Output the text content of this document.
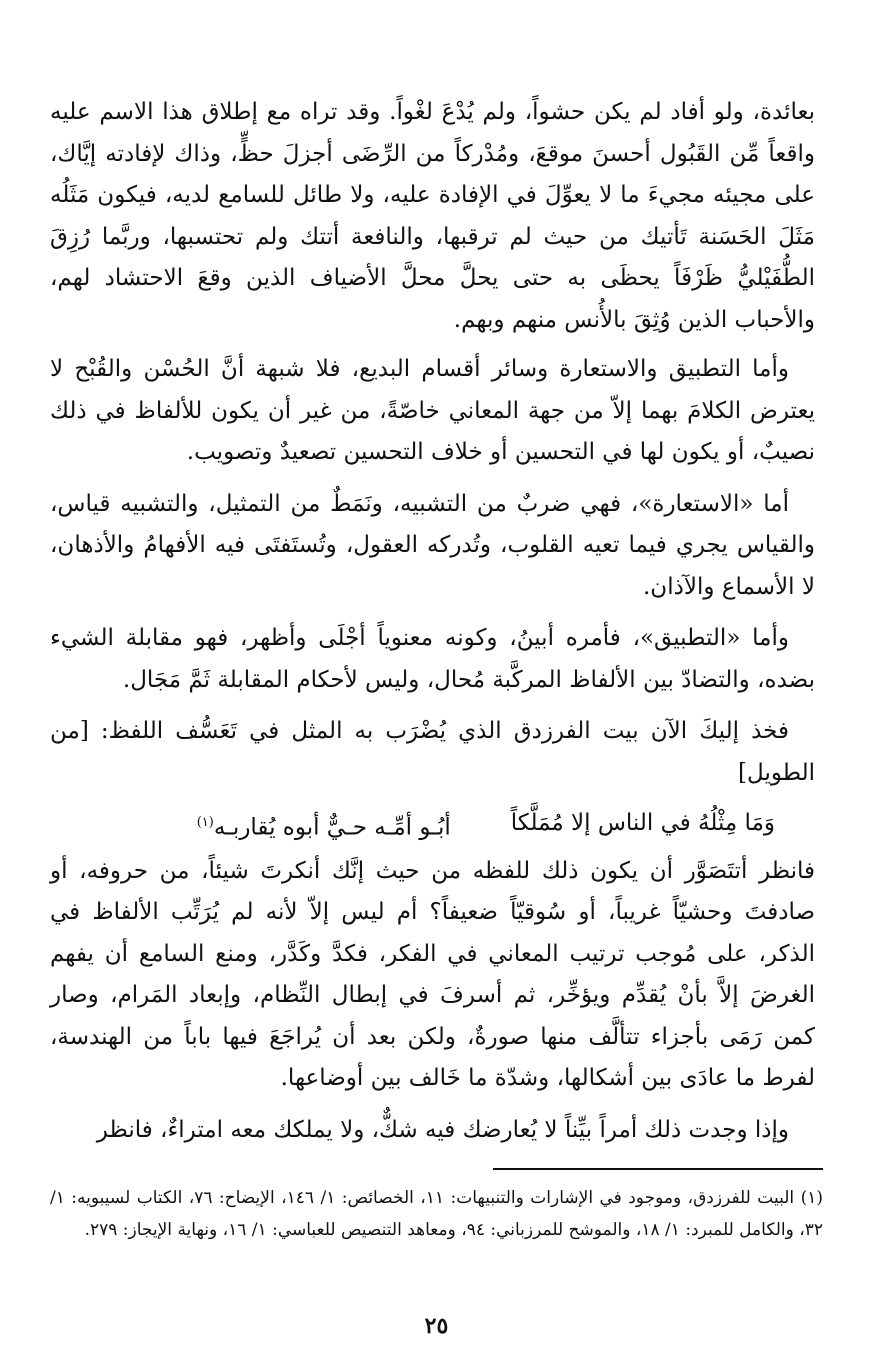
بعائدة، ولو أفاد لم يكن حشواً، ولم يُدْعَ لغْواً. وقد تراه مع إطلاق هذا الاسم عليه واقعاً مِّن القَبُول أحسنَ موقعَ، ومُدْركاً من الرِّضَى أجزلَ حظٍّ، وذاك لإفادته إيَّاك، على مجيئه مجيءَ ما لا يعوِّلَ في الإفادة عليه، ولا طائل للسامع لديه، فيكون مَثَلُه مَثَلَ الحَسَنة تَأتيك من حيث لم ترقبها، والنافعة أتتك ولم تحتسبها، وربَّما رُزِقَ الطُّفَيْليُّ ظَرْفَاً يحظَى به حتى يحلَّ محلَّ الأضياف الذين وقعَ الاحتشاد لهم، والأحباب الذين وُثِقَ بالأُنس منهم وبهم.

وأما التطبيق والاستعارة وسائر أقسام البديع، فلا شبهة أنَّ الحُسْن والقُبْح لا يعترض الكلامَ بهما إلاّ من جهة المعاني خاصّةً، من غير أن يكون للألفاظ في ذلك نصيبٌ، أو يكون لها في التحسين أو خلاف التحسين تصعيدٌ وتصويب.

أما «الاستعارة»، فهي ضربٌ من التشبيه، ونَمَطٌ من التمثيل، والتشبيه قياس، والقياس يجري فيما تعيه القلوب، وتُدركه العقول، وتُستَفتَى فيه الأفهامُ والأذهان، لا الأسماع والآذان.

وأما «التطبيق»، فأمره أبينُ، وكونه معنوياً أجْلَى وأظهر، فهو مقابلة الشيء بضده، والتضادّ بين الألفاظ المركَّبة مُحال، وليس لأحكام المقابلة ثَمَّ مَجَال.

فخذ إليكَ الآن بيت الفرزدق الذي يُضْرَب به المثل في تَعَسُّف اللفظ: [من الطويل]

وَمَا مِثْلُهُ في الناس إلا مُمَلَّكاً
أبُـو أمِّـه حـيٌّ أبوه يُقاربـه$^{(١)}$

فانظر أتتَصَوَّر أن يكون ذلك للفظه من حيث إنَّك أنكرتَ شيئاً، من حروفه، أو صادفتَ وحشيّاً غريباً، أو سُوقيّاً ضعيفاً؟ أم ليس إلاّ لأنه لم يُرَتِّب الألفاظ في الذكر، على مُوجب ترتيب المعاني في الفكر، فكدَّ وكَدَّر، ومنع السامع أن يفهم الغرضَ إلاَّ بأنْ يُقدِّم ويؤخِّر، ثم أسرفَ في إبطال النِّظام، وإبعاد المَرام، وصار كمن رَمَى بأجزاء تتألَّف منها صورةٌ، ولكن بعد أن يُراجَعَ فيها باباً من الهندسة، لفرط ما عادَى بين أشكالها، وشدّة ما خَالف بين أوضاعها.

وإذا وجدت ذلك أمراً بيِّناً لا يُعارضك فيه شكٌّ، ولا يملكك معه امتراءٌ، فانظر

(١) البيت للفرزدق، وموجود في الإشارات والتنبيهات: ١١، الخصائص: ١/ ١٤٦، الإيضاح: ٧٦، الكتاب لسيبويه: ١/ ٣٢، والكامل للمبرد: ١/ ١٨، والموشح للمرزباني: ٩٤، ومعاهد التنصيص للعباسي: ١/ ١٦، ونهاية الإيجاز: ٢٧٩.

٢٥
